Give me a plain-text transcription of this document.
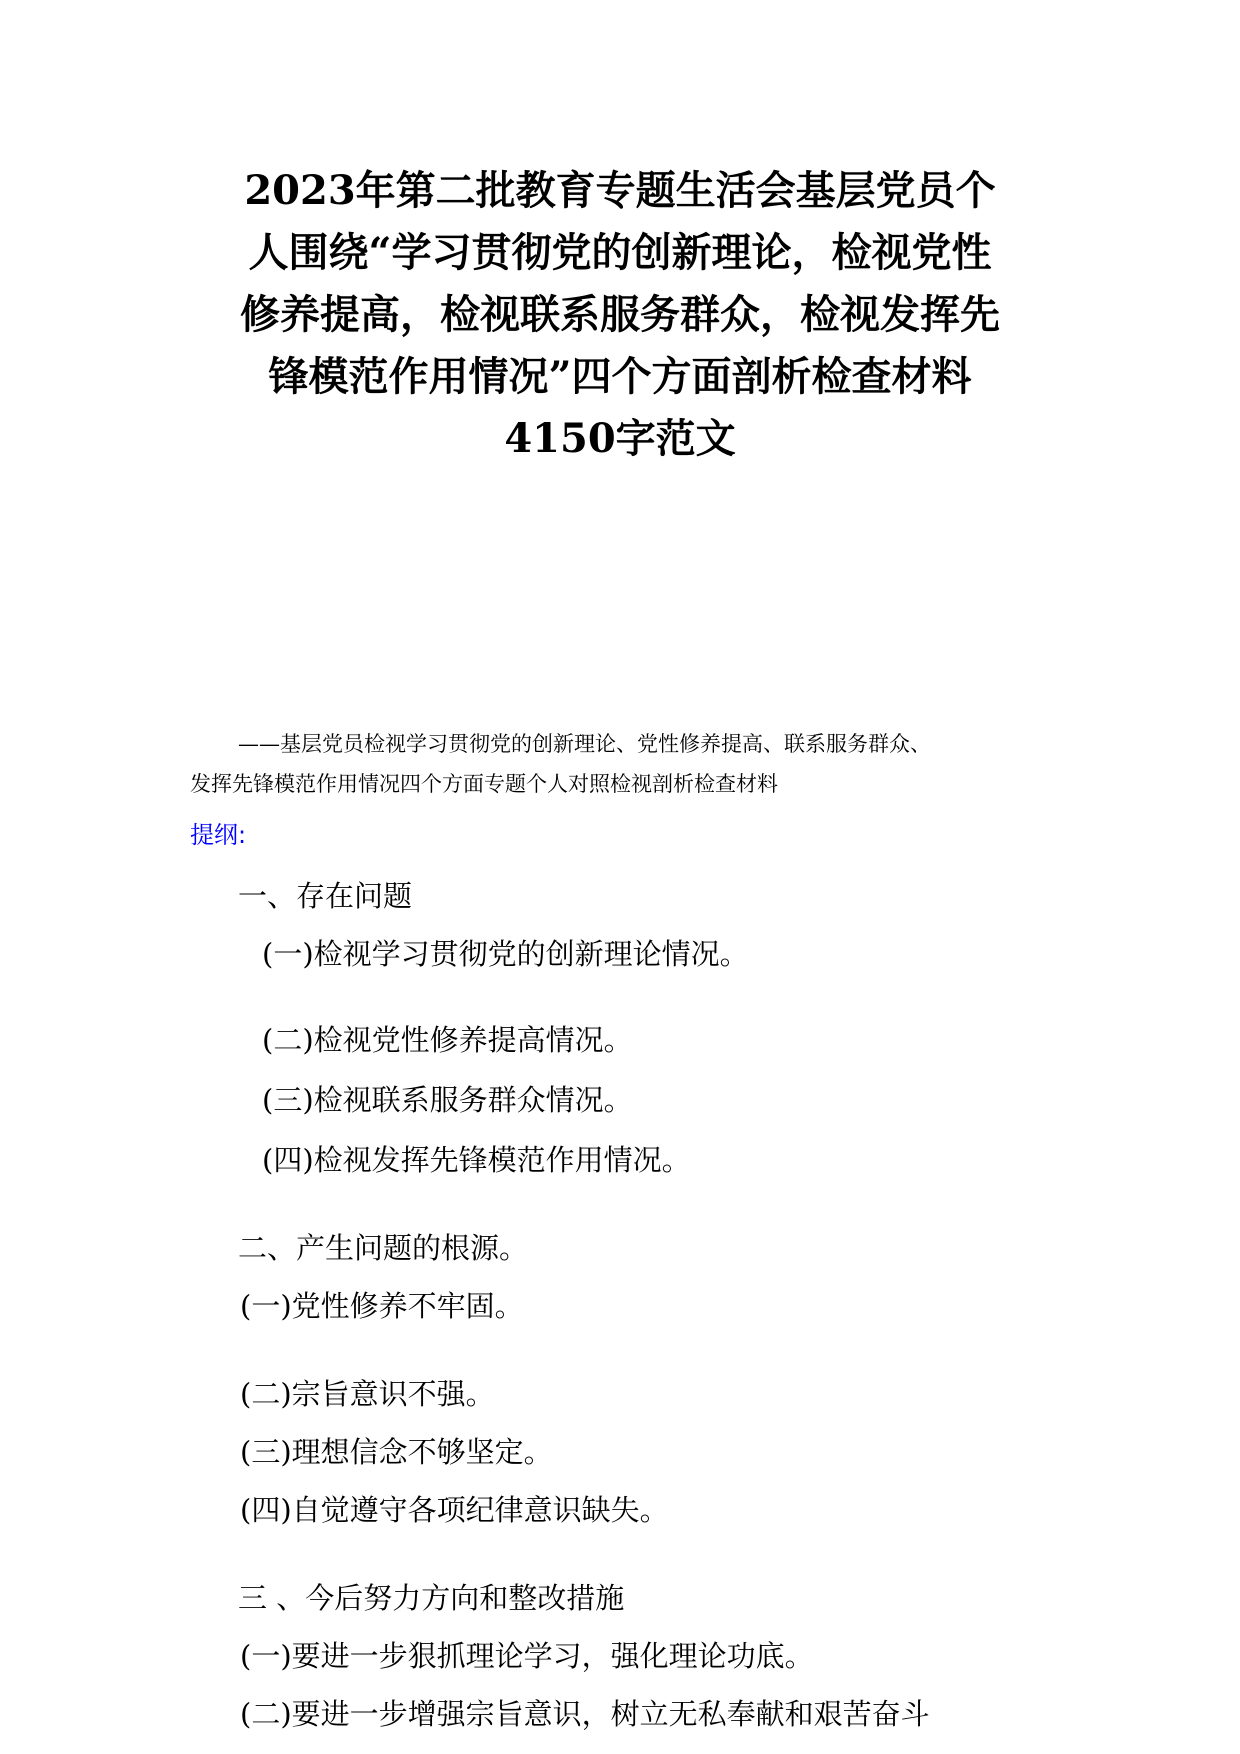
2023年第二批教育专题生活会基层党员个
人围绕“学习贯彻党的创新理论，检视党性
修养提高，检视联系服务群众，检视发挥先
锋模范作用情况”四个方面剖析检查材料
4150字范文
——基层党员检视学习贯彻党的创新理论、党性修养提高、联系服务群众、
发挥先锋模范作用情况四个方面专题个人对照检视剖析检查材料
提纲:
一、存在问题
(一)检视学习贯彻党的创新理论情况。
(二)检视党性修养提高情况。
(三)检视联系服务群众情况。
(四)检视发挥先锋模范作用情况。
二、产生问题的根源。
(一)党性修养不牢固。
(二)宗旨意识不强。
(三)理想信念不够坚定。
(四)自觉遵守各项纪律意识缺失。
三 、今后努力方向和整改措施
(一)要进一步狠抓理论学习，强化理论功底。
(二)要进一步增强宗旨意识，树立无私奉献和艰苦奋斗
